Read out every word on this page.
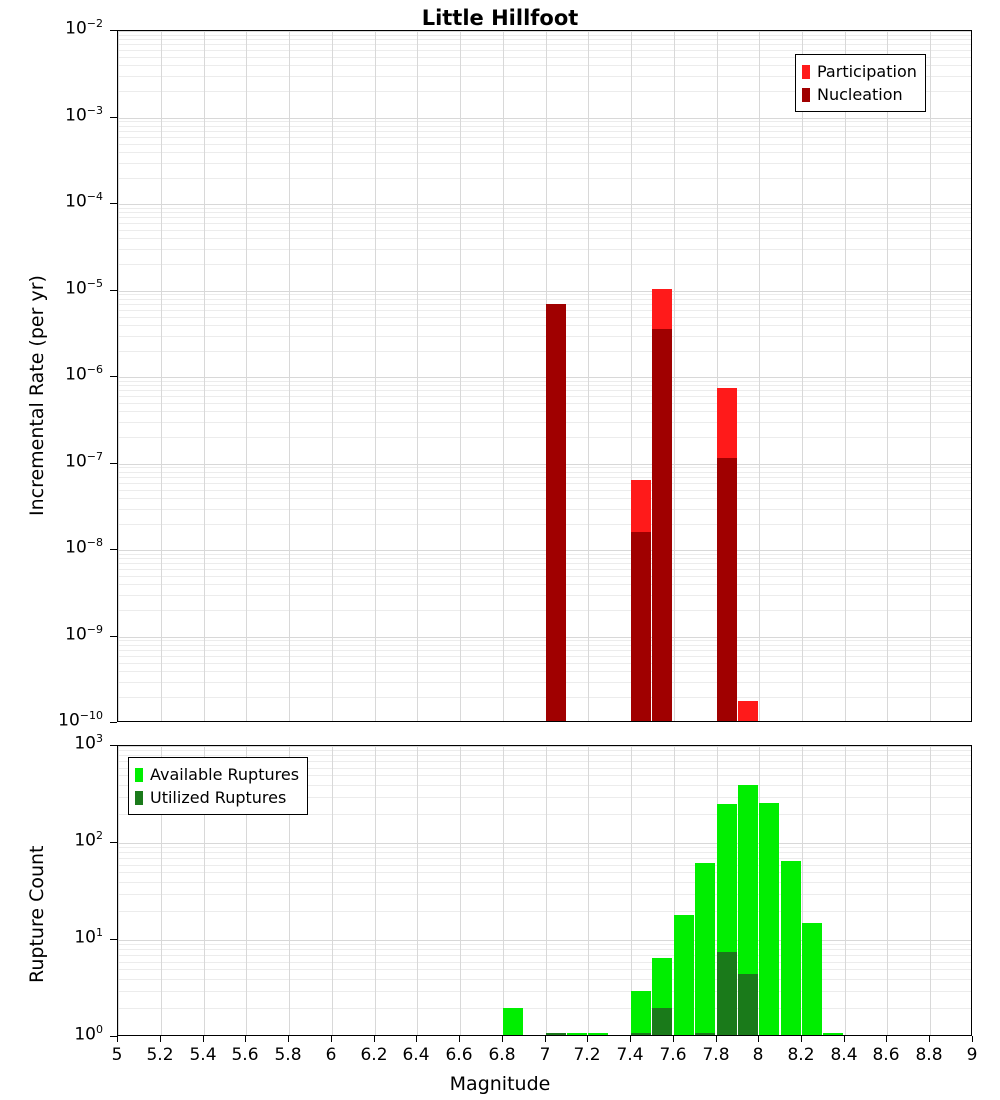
Little Hillfoot
$10^{-10}$
$10^{-9}$
$10^{-8}$
$10^{-7}$
$10^{-6}$
$10^{-5}$
$10^{-4}$
$10^{-3}$
$10^{-2}$
Incremental Rate (per yr)
Participation
Nucleation
$10^0$
$10^1$
$10^2$
$10^3$
Rupture Count
Available Ruptures
Utilized Ruptures
5	5.2 5.4 5.6 5.8	6	6.2 6.4 6.6 6.8	7	7.2 7.4 7.6 7.8	8	8.2 8.4 8.6 8.8	9
Magnitude
